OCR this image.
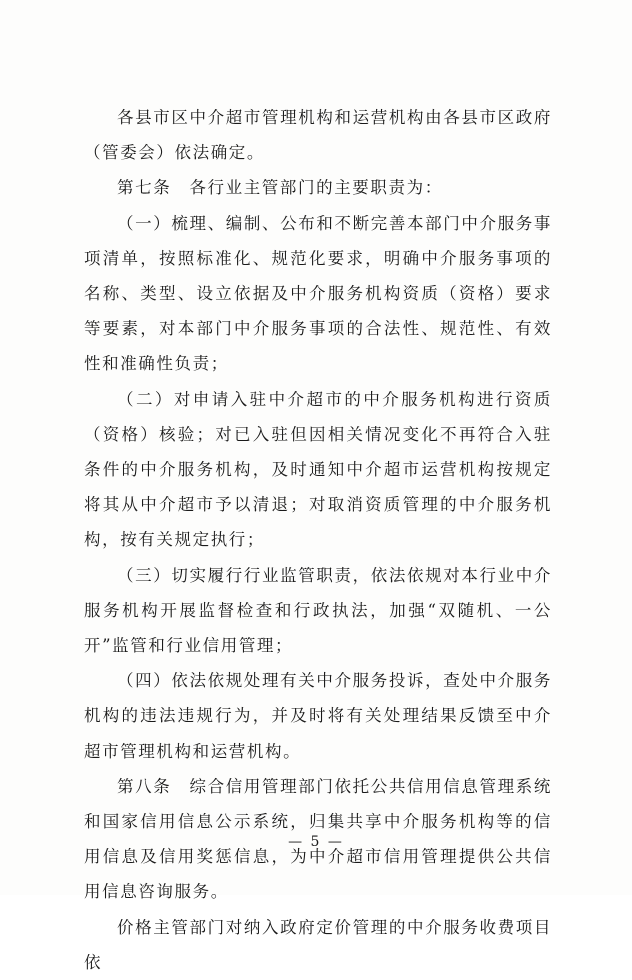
各县市区中介超市管理机构和运营机构由各县市区政府（管委会）依法确定。

第七条　各行业主管部门的主要职责为：

（一）梳理、编制、公布和不断完善本部门中介服务事项清单，按照标准化、规范化要求，明确中介服务事项的名称、类型、设立依据及中介服务机构资质（资格）要求等要素，对本部门中介服务事项的合法性、规范性、有效性和准确性负责；

（二）对申请入驻中介超市的中介服务机构进行资质（资格）核验；对已入驻但因相关情况变化不再符合入驻条件的中介服务机构，及时通知中介超市运营机构按规定将其从中介超市予以清退；对取消资质管理的中介服务机构，按有关规定执行；

（三）切实履行行业监管职责，依法依规对本行业中介服务机构开展监督检查和行政执法，加强“双随机、一公开”监管和行业信用管理；

（四）依法依规处理有关中介服务投诉，查处中介服务机构的违法违规行为，并及时将有关处理结果反馈至中介超市管理机构和运营机构。

第八条　综合信用管理部门依托公共信用信息管理系统和国家信用信息公示系统，归集共享中介服务机构等的信用信息及信用奖惩信息，为中介超市信用管理提供公共信用信息咨询服务。

价格主管部门对纳入政府定价管理的中介服务收费项目依

— 5 —
